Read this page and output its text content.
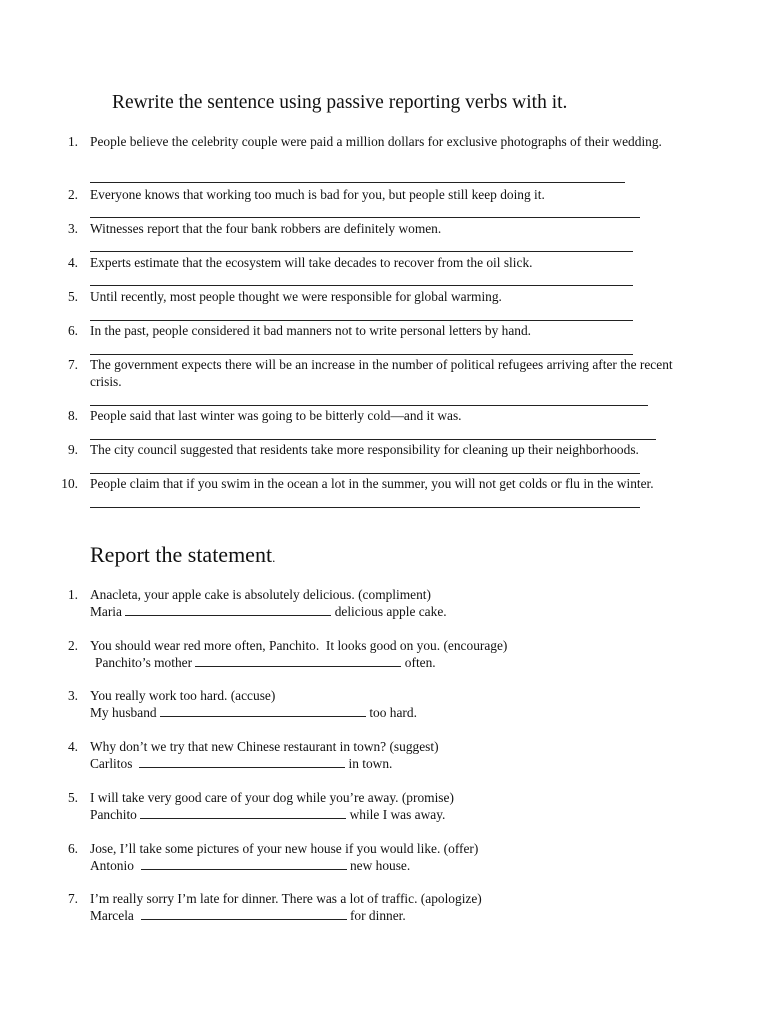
Rewrite the sentence using passive reporting verbs with it.
1. People believe the celebrity couple were paid a million dollars for exclusive photographs of their wedding.
2. Everyone knows that working too much is bad for you, but people still keep doing it.
3. Witnesses report that the four bank robbers are definitely women.
4. Experts estimate that the ecosystem will take decades to recover from the oil slick.
5. Until recently, most people thought we were responsible for global warming.
6. In the past, people considered it bad manners not to write personal letters by hand.
7. The government expects there will be an increase in the number of political refugees arriving after the recent crisis.
8. People said that last winter was going to be bitterly cold—and it was.
9. The city council suggested that residents take more responsibility for cleaning up their neighborhoods.
10. People claim that if you swim in the ocean a lot in the summer, you will not get colds or flu in the winter.
Report the statement.
1. Anacleta, your apple cake is absolutely delicious. (compliment)
Maria	delicious apple cake.
2. You should wear red more often, Panchito.  It looks good on you. (encourage)
Panchito’s mother	often.
3. You really work too hard. (accuse)
My husband	too hard.
4. Why don’t we try that new Chinese restaurant in town? (suggest)
Carlitos	in town.
5. I will take very good care of your dog while you’re away. (promise)
Panchito	while I was away.
6. Jose, I’ll take some pictures of your new house if you would like. (offer)
Antonio	new house.
7. I’m really sorry I’m late for dinner. There was a lot of traffic. (apologize)
Marcela	for dinner.
